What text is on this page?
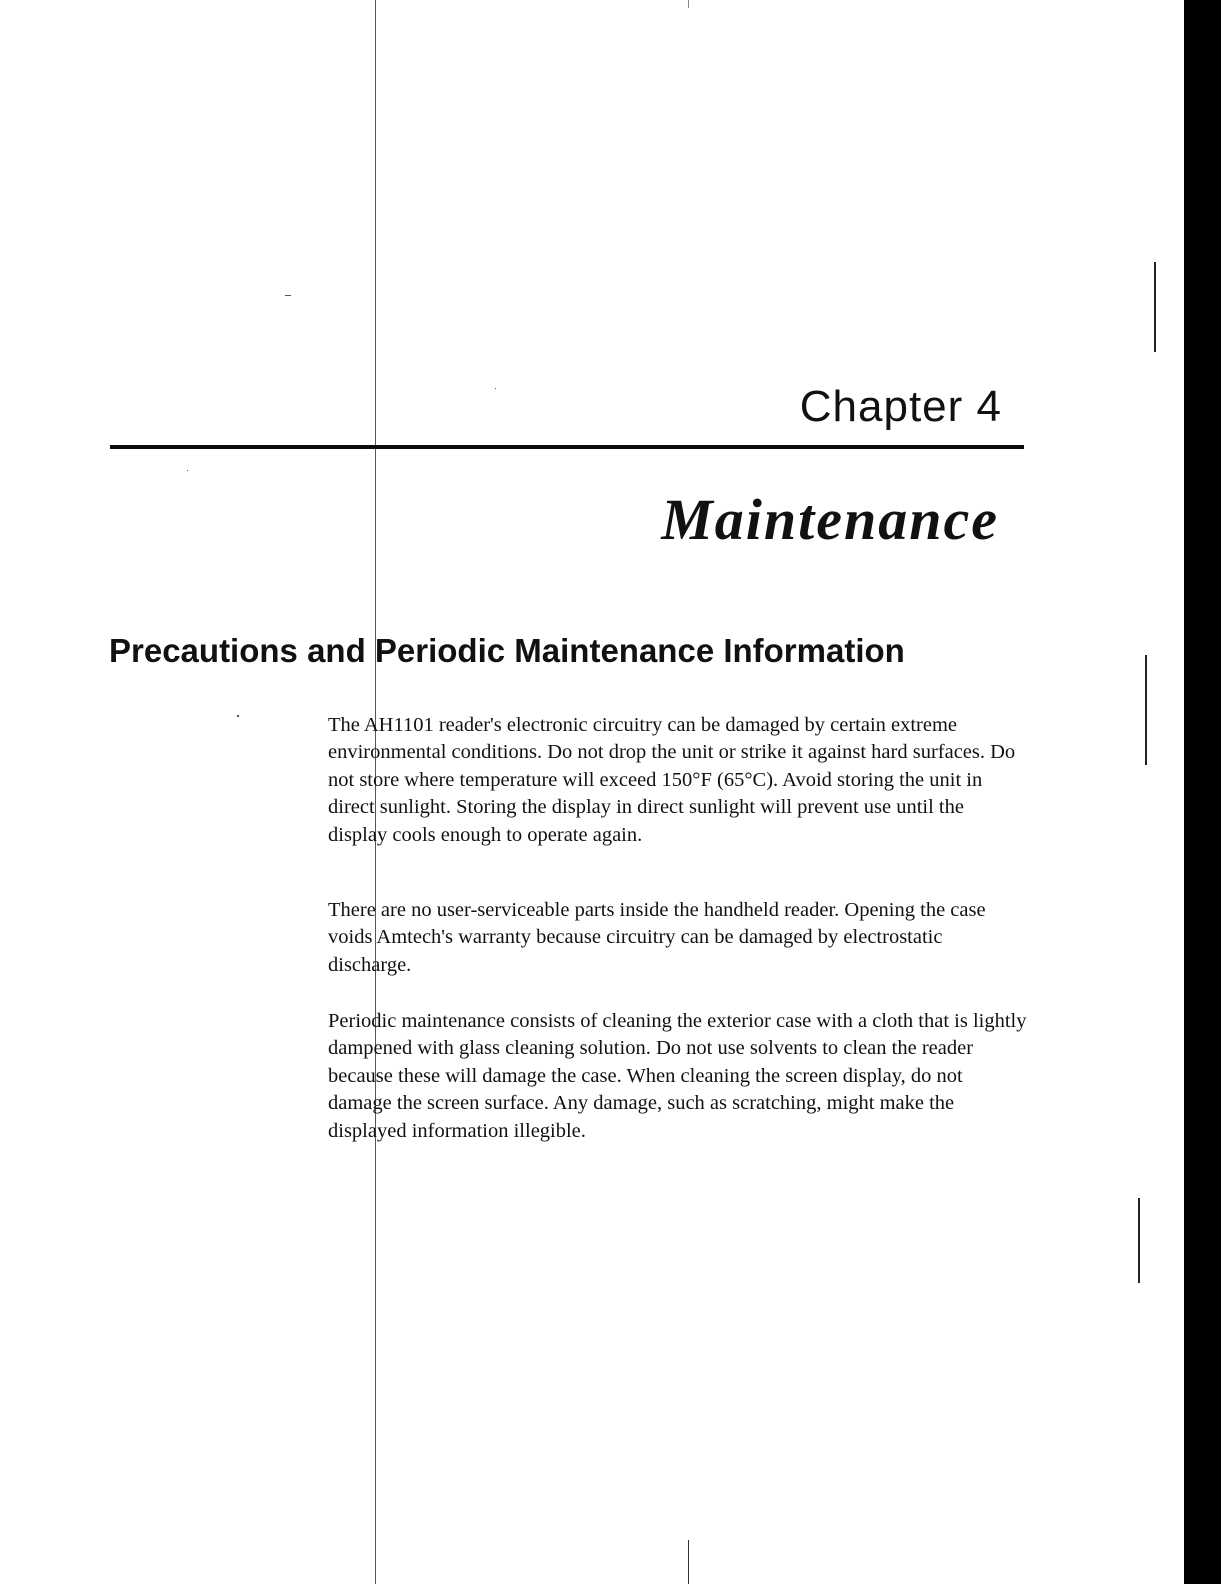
Chapter 4
Maintenance
Precautions and Periodic Maintenance Information

The AH1101 reader's electronic circuitry can be damaged by certain extreme environmental conditions. Do not drop the unit or strike it against hard surfaces. Do not store where temperature will exceed 150°F (65°C). Avoid storing the unit in direct sunlight. Storing the display in direct sunlight will prevent use until the display cools enough to operate again.

There are no user-serviceable parts inside the handheld reader. Opening the case voids Amtech's warranty because circuitry can be damaged by electrostatic discharge.

Periodic maintenance consists of cleaning the exterior case with a cloth that is lightly dampened with glass cleaning solution. Do not use solvents to clean the reader because these will damage the case. When cleaning the screen display, do not damage the screen surface. Any damage, such as scratching, might make the displayed information illegible.
